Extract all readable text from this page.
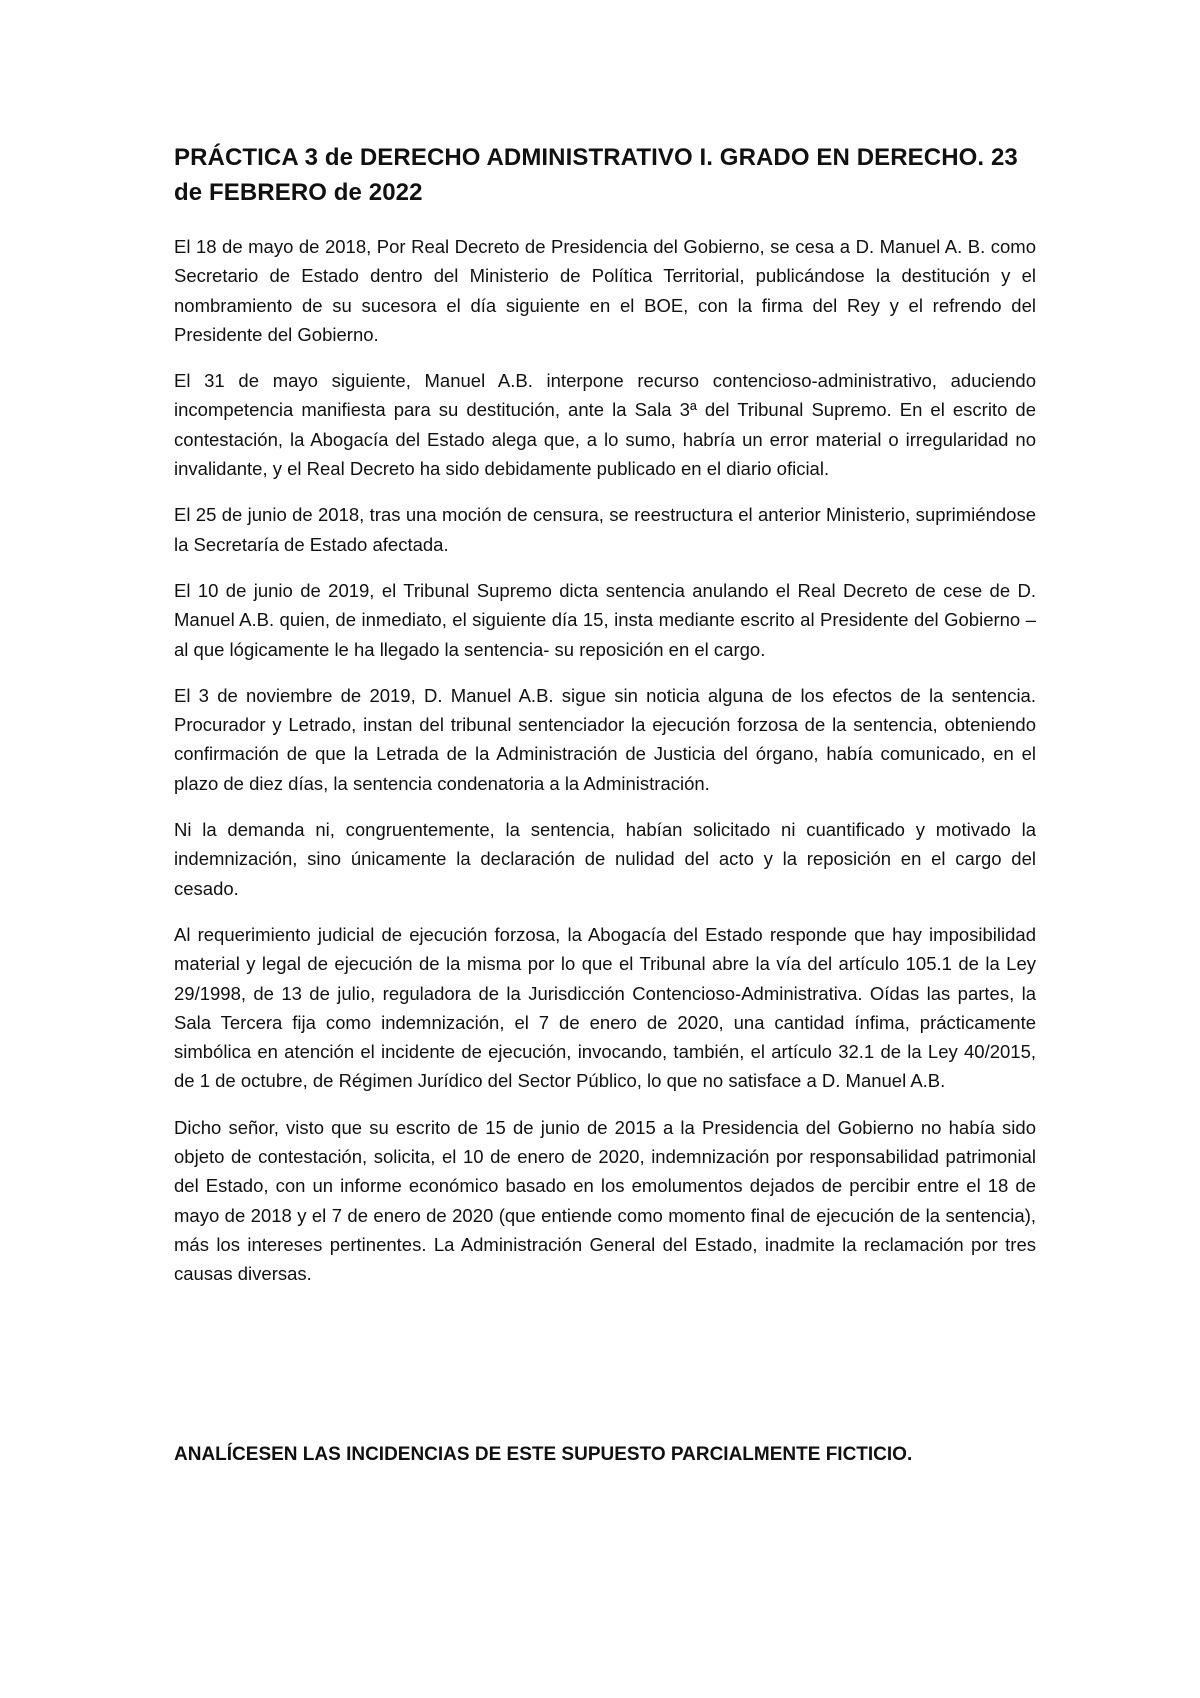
PRÁCTICA 3 de DERECHO ADMINISTRATIVO I. GRADO EN DERECHO. 23 de FEBRERO de 2022

El 18 de mayo de 2018, Por Real Decreto de Presidencia del Gobierno, se cesa a D. Manuel A. B. como Secretario de Estado dentro del Ministerio de Política Territorial, publicándose la destitución y el nombramiento de su sucesora el día siguiente en el BOE, con la firma del Rey y el refrendo del Presidente del Gobierno.

El 31 de mayo siguiente, Manuel A.B. interpone recurso contencioso-administrativo, aduciendo incompetencia manifiesta para su destitución, ante la Sala 3ª del Tribunal Supremo. En el escrito de contestación, la Abogacía del Estado alega que, a lo sumo, habría un error material o irregularidad no invalidante, y el Real Decreto ha sido debidamente publicado en el diario oficial.

El 25 de junio de 2018, tras una moción de censura, se reestructura el anterior Ministerio, suprimiéndose la Secretaría de Estado afectada.

El 10 de junio de 2019, el Tribunal Supremo dicta sentencia anulando el Real Decreto de cese de D. Manuel A.B. quien, de inmediato, el siguiente día 15, insta mediante escrito al Presidente del Gobierno –al que lógicamente le ha llegado la sentencia- su reposición en el cargo.

El 3 de noviembre de 2019, D. Manuel A.B. sigue sin noticia alguna de los efectos de la sentencia. Procurador y Letrado, instan del tribunal sentenciador la ejecución forzosa de la sentencia, obteniendo confirmación de que la Letrada de la Administración de Justicia del órgano, había comunicado, en el plazo de diez días, la sentencia condenatoria a la Administración.

Ni la demanda ni, congruentemente, la sentencia, habían solicitado ni cuantificado y motivado la indemnización, sino únicamente la declaración de nulidad del acto y la reposición en el cargo del cesado.

Al requerimiento judicial de ejecución forzosa, la Abogacía del Estado responde que hay imposibilidad material y legal de ejecución de la misma por lo que el Tribunal abre la vía del artículo 105.1 de la Ley 29/1998, de 13 de julio, reguladora de la Jurisdicción Contencioso-Administrativa. Oídas las partes, la Sala Tercera fija como indemnización, el 7 de enero de 2020, una cantidad ínfima, prácticamente simbólica en atención el incidente de ejecución, invocando, también, el artículo 32.1 de la Ley 40/2015, de 1 de octubre, de Régimen Jurídico del Sector Público, lo que no satisface a D. Manuel A.B.

Dicho señor, visto que su escrito de 15 de junio de 2015 a la Presidencia del Gobierno no había sido objeto de contestación, solicita, el 10 de enero de 2020, indemnización por responsabilidad patrimonial del Estado, con un informe económico basado en los emolumentos dejados de percibir entre el 18 de mayo de 2018 y el 7 de enero de 2020 (que entiende como momento final de ejecución de la sentencia), más los intereses pertinentes. La Administración General del Estado, inadmite la reclamación por tres causas diversas.

ANALÍCESEN LAS INCIDENCIAS DE ESTE SUPUESTO PARCIALMENTE FICTICIO.
